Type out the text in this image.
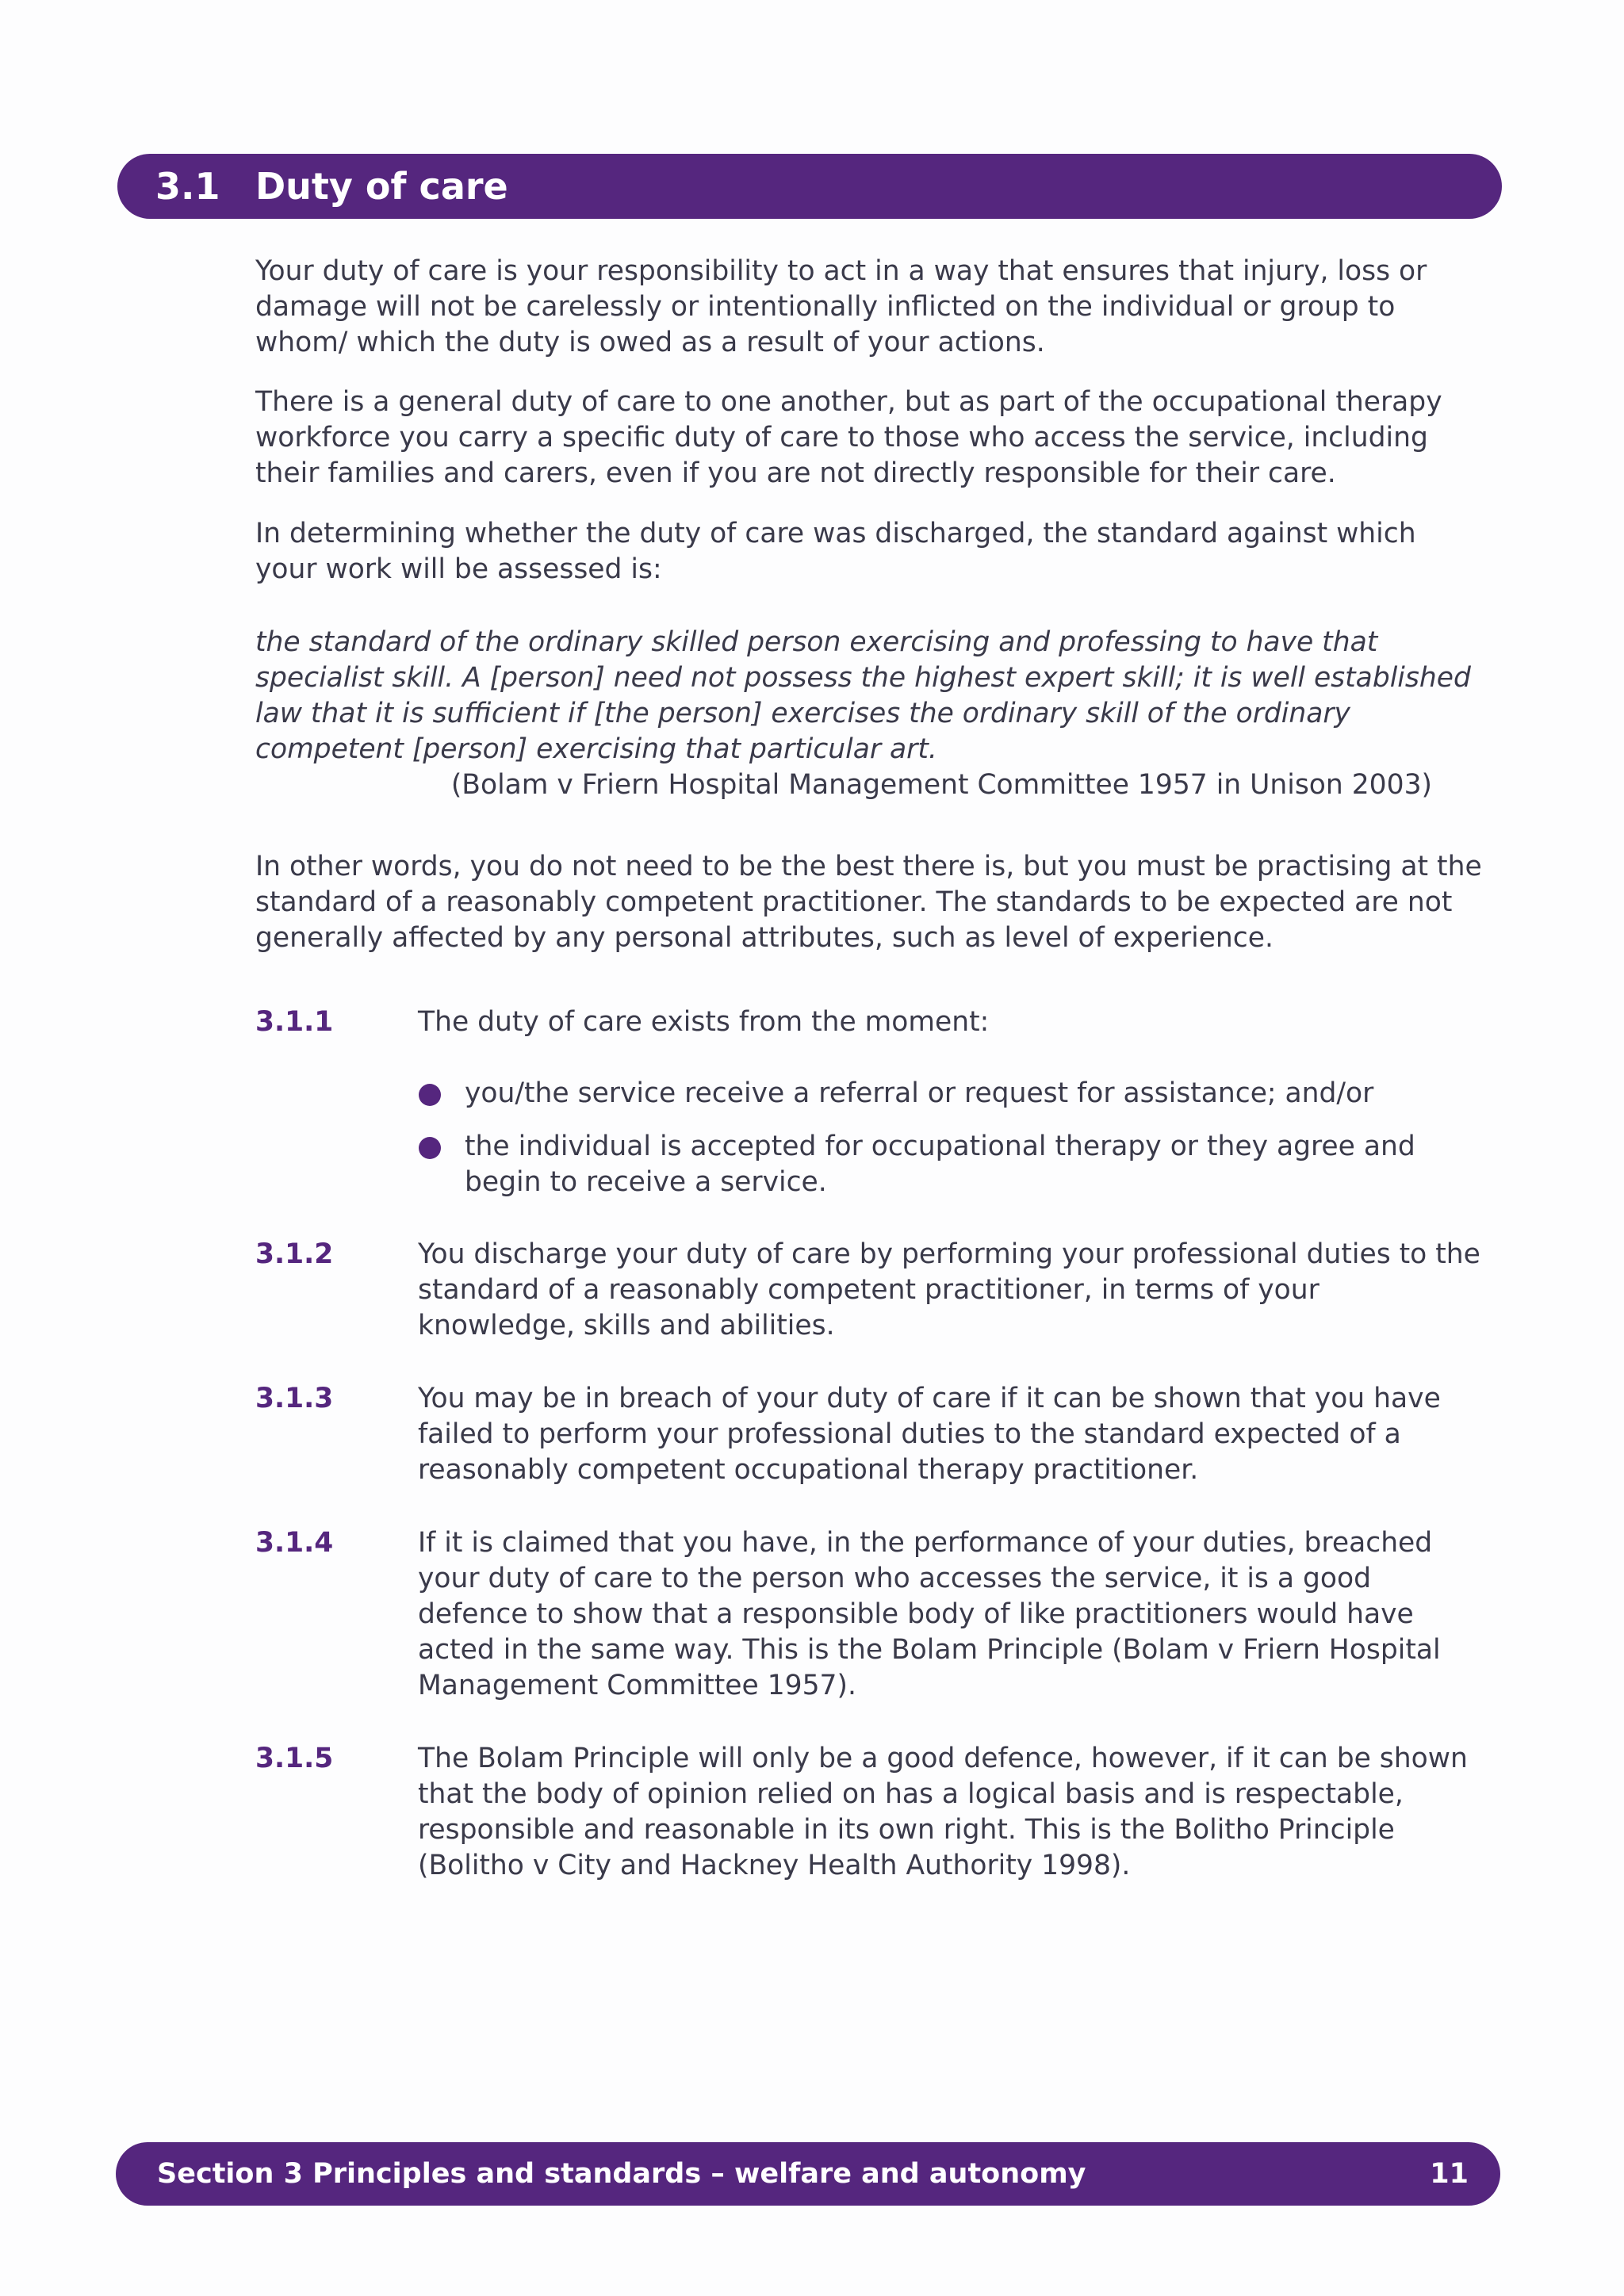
3.1 Duty of care

Your duty of care is your responsibility to act in a way that ensures that injury, loss or damage will not be carelessly or intentionally inflicted on the individual or group to whom/ which the duty is owed as a result of your actions.

There is a general duty of care to one another, but as part of the occupational therapy workforce you carry a specific duty of care to those who access the service, including their families and carers, even if you are not directly responsible for their care.

In determining whether the duty of care was discharged, the standard against which your work will be assessed is:

the standard of the ordinary skilled person exercising and professing to have that specialist skill. A [person] need not possess the highest expert skill; it is well established law that it is sufficient if [the person] exercises the ordinary skill of the ordinary competent [person] exercising that particular art.

(Bolam v Friern Hospital Management Committee 1957 in Unison 2003)

In other words, you do not need to be the best there is, but you must be practising at the standard of a reasonably competent practitioner. The standards to be expected are not generally affected by any personal attributes, such as level of experience.

3.1.1	The duty of care exists from the moment:

you/the service receive a referral or request for assistance; and/or

the individual is accepted for occupational therapy or they agree and begin to receive a service.

3.1.2	You discharge your duty of care by performing your professional duties to the standard of a reasonably competent practitioner, in terms of your knowledge, skills and abilities.

3.1.3	You may be in breach of your duty of care if it can be shown that you have failed to perform your professional duties to the standard expected of a reasonably competent occupational therapy practitioner.

3.1.4	If it is claimed that you have, in the performance of your duties, breached your duty of care to the person who accesses the service, it is a good defence to show that a responsible body of like practitioners would have acted in the same way. This is the Bolam Principle (Bolam v Friern Hospital Management Committee 1957).

3.1.5	The Bolam Principle will only be a good defence, however, if it can be shown that the body of opinion relied on has a logical basis and is respectable, responsible and reasonable in its own right. This is the Bolitho Principle (Bolitho v City and Hackney Health Authority 1998).

Section 3 Principles and standards – welfare and autonomy	11
